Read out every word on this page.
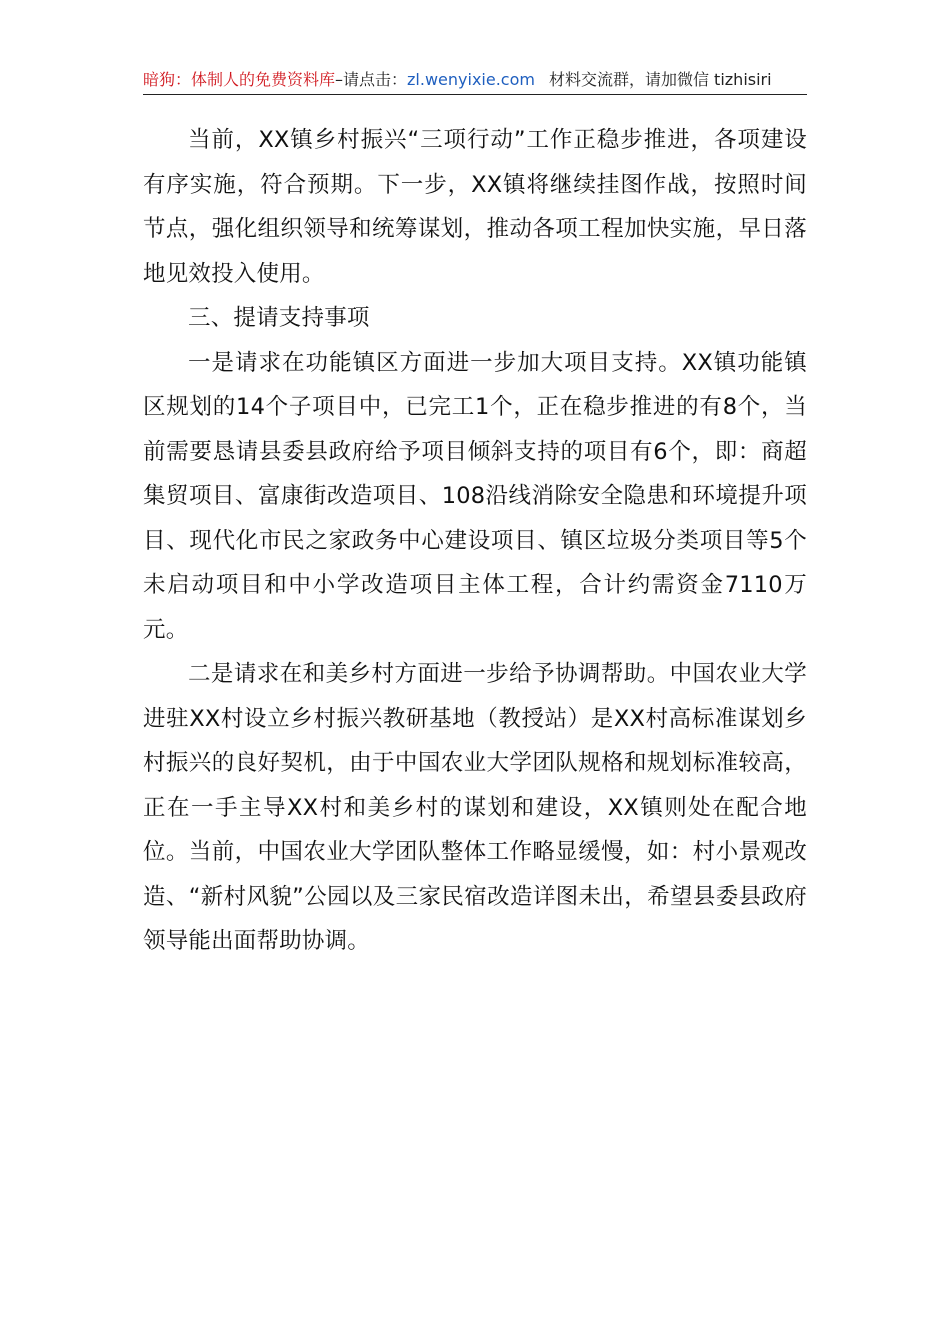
暗狗：体制人的免费资料库–请点击：zl.wenyixie.com 材料交流群，请加微信 tizhisiri

当前，XX镇乡村振兴“三项行动”工作正稳步推进，各项建设有序实施，符合预期。下一步，XX镇将继续挂图作战，按照时间节点，强化组织领导和统筹谋划，推动各项工程加快实施，早日落地见效投入使用。

三、提请支持事项

一是请求在功能镇区方面进一步加大项目支持。XX镇功能镇区规划的14个子项目中，已完工1个，正在稳步推进的有8个，当前需要恳请县委县政府给予项目倾斜支持的项目有6个，即：商超集贸项目、富康街改造项目、108沿线消除安全隐患和环境提升项目、现代化市民之家政务中心建设项目、镇区垃圾分类项目等5个未启动项目和中小学改造项目主体工程，合计约需资金7110万元。

二是请求在和美乡村方面进一步给予协调帮助。中国农业大学进驻XX村设立乡村振兴教研基地（教授站）是XX村高标准谋划乡村振兴的良好契机，由于中国农业大学团队规格和规划标准较高，正在一手主导XX村和美乡村的谋划和建设，XX镇则处在配合地位。当前，中国农业大学团队整体工作略显缓慢，如：村小景观改造、“新村风貌”公园以及三家民宿改造详图未出，希望县委县政府领导能出面帮助协调。
